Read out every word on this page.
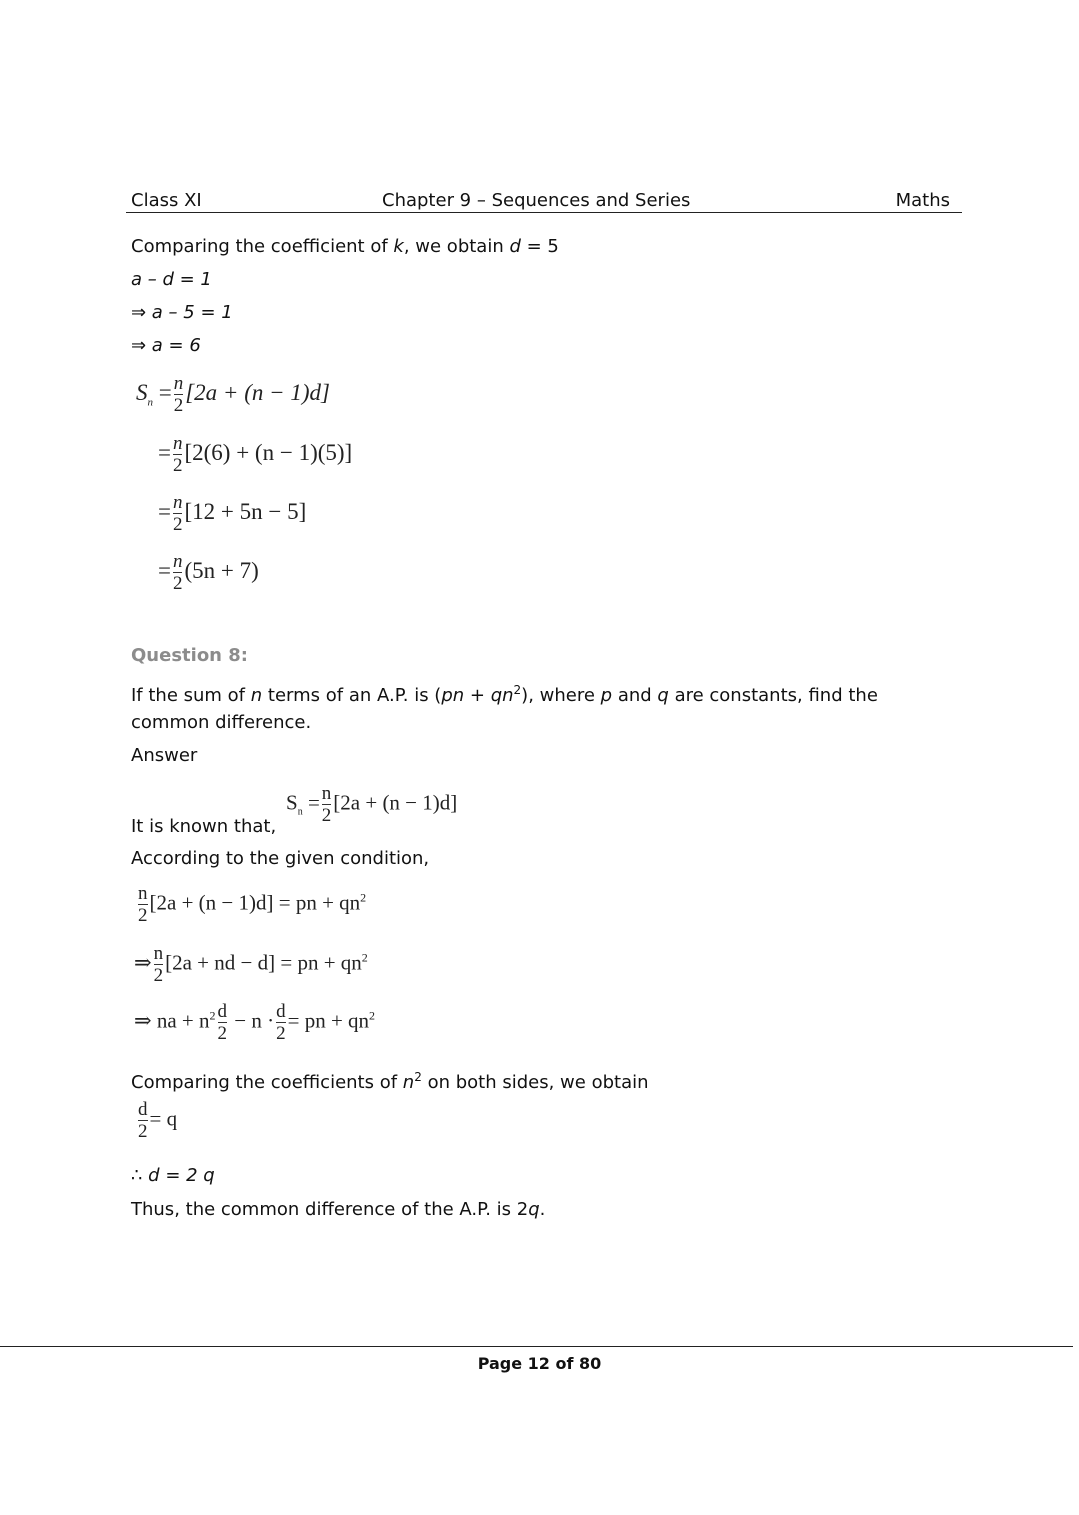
Class XI	Chapter 9 – Sequences and Series	Maths
Comparing the coefficient of k, we obtain d = 5
a – d = 1
⇒ a – 5 = 1
⇒ a = 6
$S_n = \frac{n}{2} [2a + (n - 1)d]$
= $\frac{n}{2} [2(6) + (n - 1)(5)]$
= $\frac{n}{2} [12 + 5n - 5]$
= $\frac{n}{2} (5n + 7)$
Question 8:
If the sum of n terms of an A.P. is $(pn + qn^2)$, where p and q are constants, find the
common difference.
Answer
It is known that,
$S_n = \frac{n}{2} [2a + (n - 1)d]$
According to the given condition,
$\frac{n}{2} [2a + (n - 1)d]$ = pn + $qn^2$
⇒ $\frac{n}{2} [2a$ + nd − d] = pn + $qn^2$
⇒ na + $n^2 \frac{d}{2} - n \cdot \frac{d}{2}$ = pn + $qn^2$
Comparing the coefficients of $n^2$ on both sides, we obtain
$\frac{d}{2} = q$
∴ d = 2 q
Thus, the common difference of the A.P. is 2q.
Page 12 of 80
